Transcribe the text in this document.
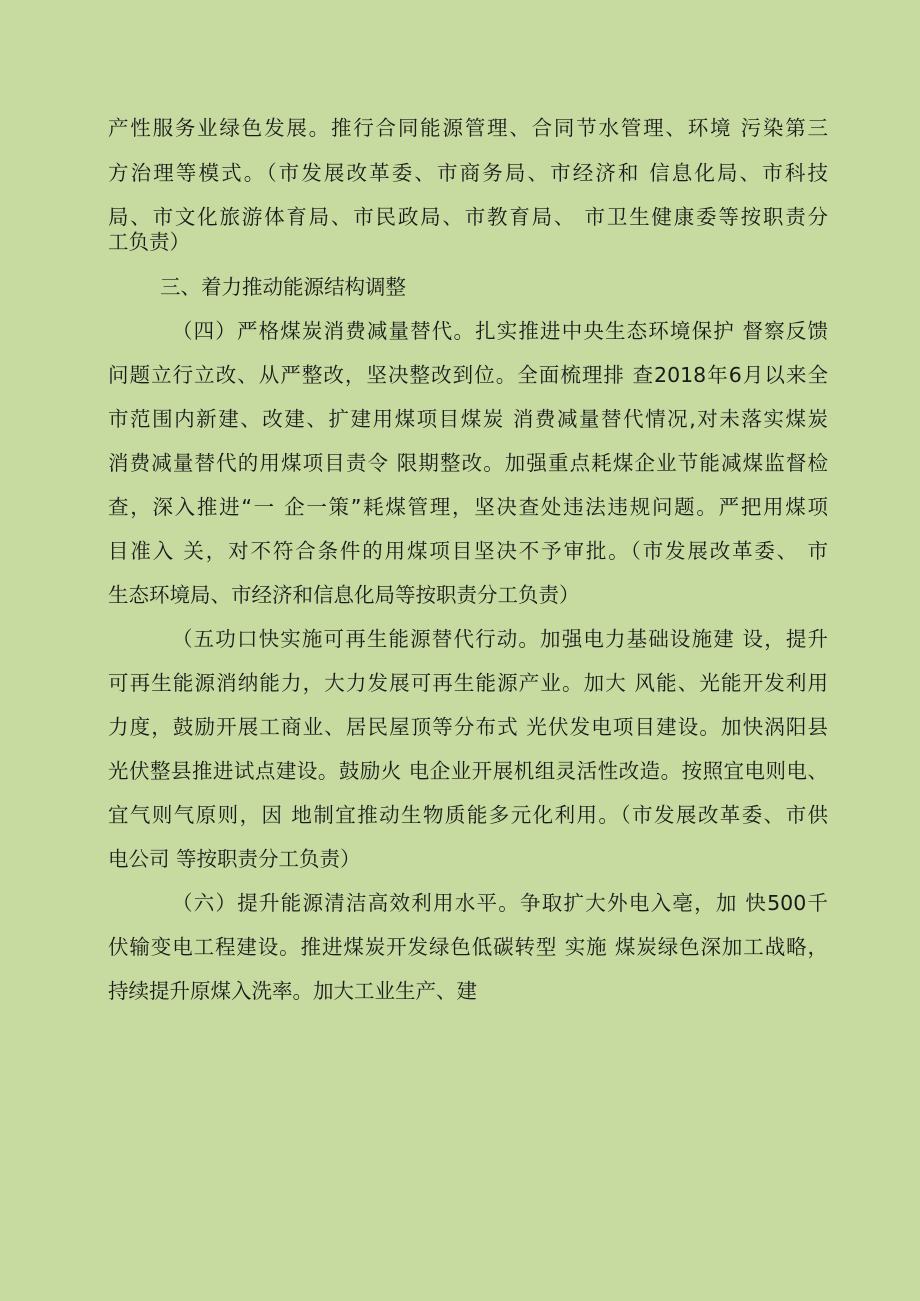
产性服务业绿色发展。推行合同能源管理、合同节水管理、环境 污染第三
方治理等模式。（市发展改革委、市商务局、市经济和 信息化局、市科技
局、市文化旅游体育局、市民政局、市教育局、 市卫生健康委等按职责分
工负责）
三、着力推动能源结构调整
（四）严格煤炭消费减量替代。扎实推进中央生态环境保护 督察反馈
问题立行立改、从严整改，坚决整改到位。全面梳理排 查2018年6月以来全
市范围内新建、改建、扩建用煤项目煤炭 消费减量替代情况,对未落实煤炭
消费减量替代的用煤项目责令 限期整改。加强重点耗煤企业节能减煤监督检
查，深入推进“一 企一策”耗煤管理，坚决查处违法违规问题。严把用煤项
目准入 关，对不符合条件的用煤项目坚决不予审批。（市发展改革委、 市
生态环境局、市经济和信息化局等按职责分工负责）
（五功口快实施可再生能源替代行动。加强电力基础设施建 设，提升
可再生能源消纳能力，大力发展可再生能源产业。加大 风能、光能开发利用
力度，鼓励开展工商业、居民屋顶等分布式 光伏发电项目建设。加快涡阳县
光伏整县推进试点建设。鼓励火 电企业开展机组灵活性改造。按照宜电则电、
宜气则气原则，因 地制宜推动生物质能多元化利用。（市发展改革委、市供
电公司 等按职责分工负责）
（六）提升能源清洁高效利用水平。争取扩大外电入亳，加 快500千
伏输变电工程建设。推进煤炭开发绿色低碳转型 实施 煤炭绿色深加工战略，
持续提升原煤入洗率。加大工业生产、建
